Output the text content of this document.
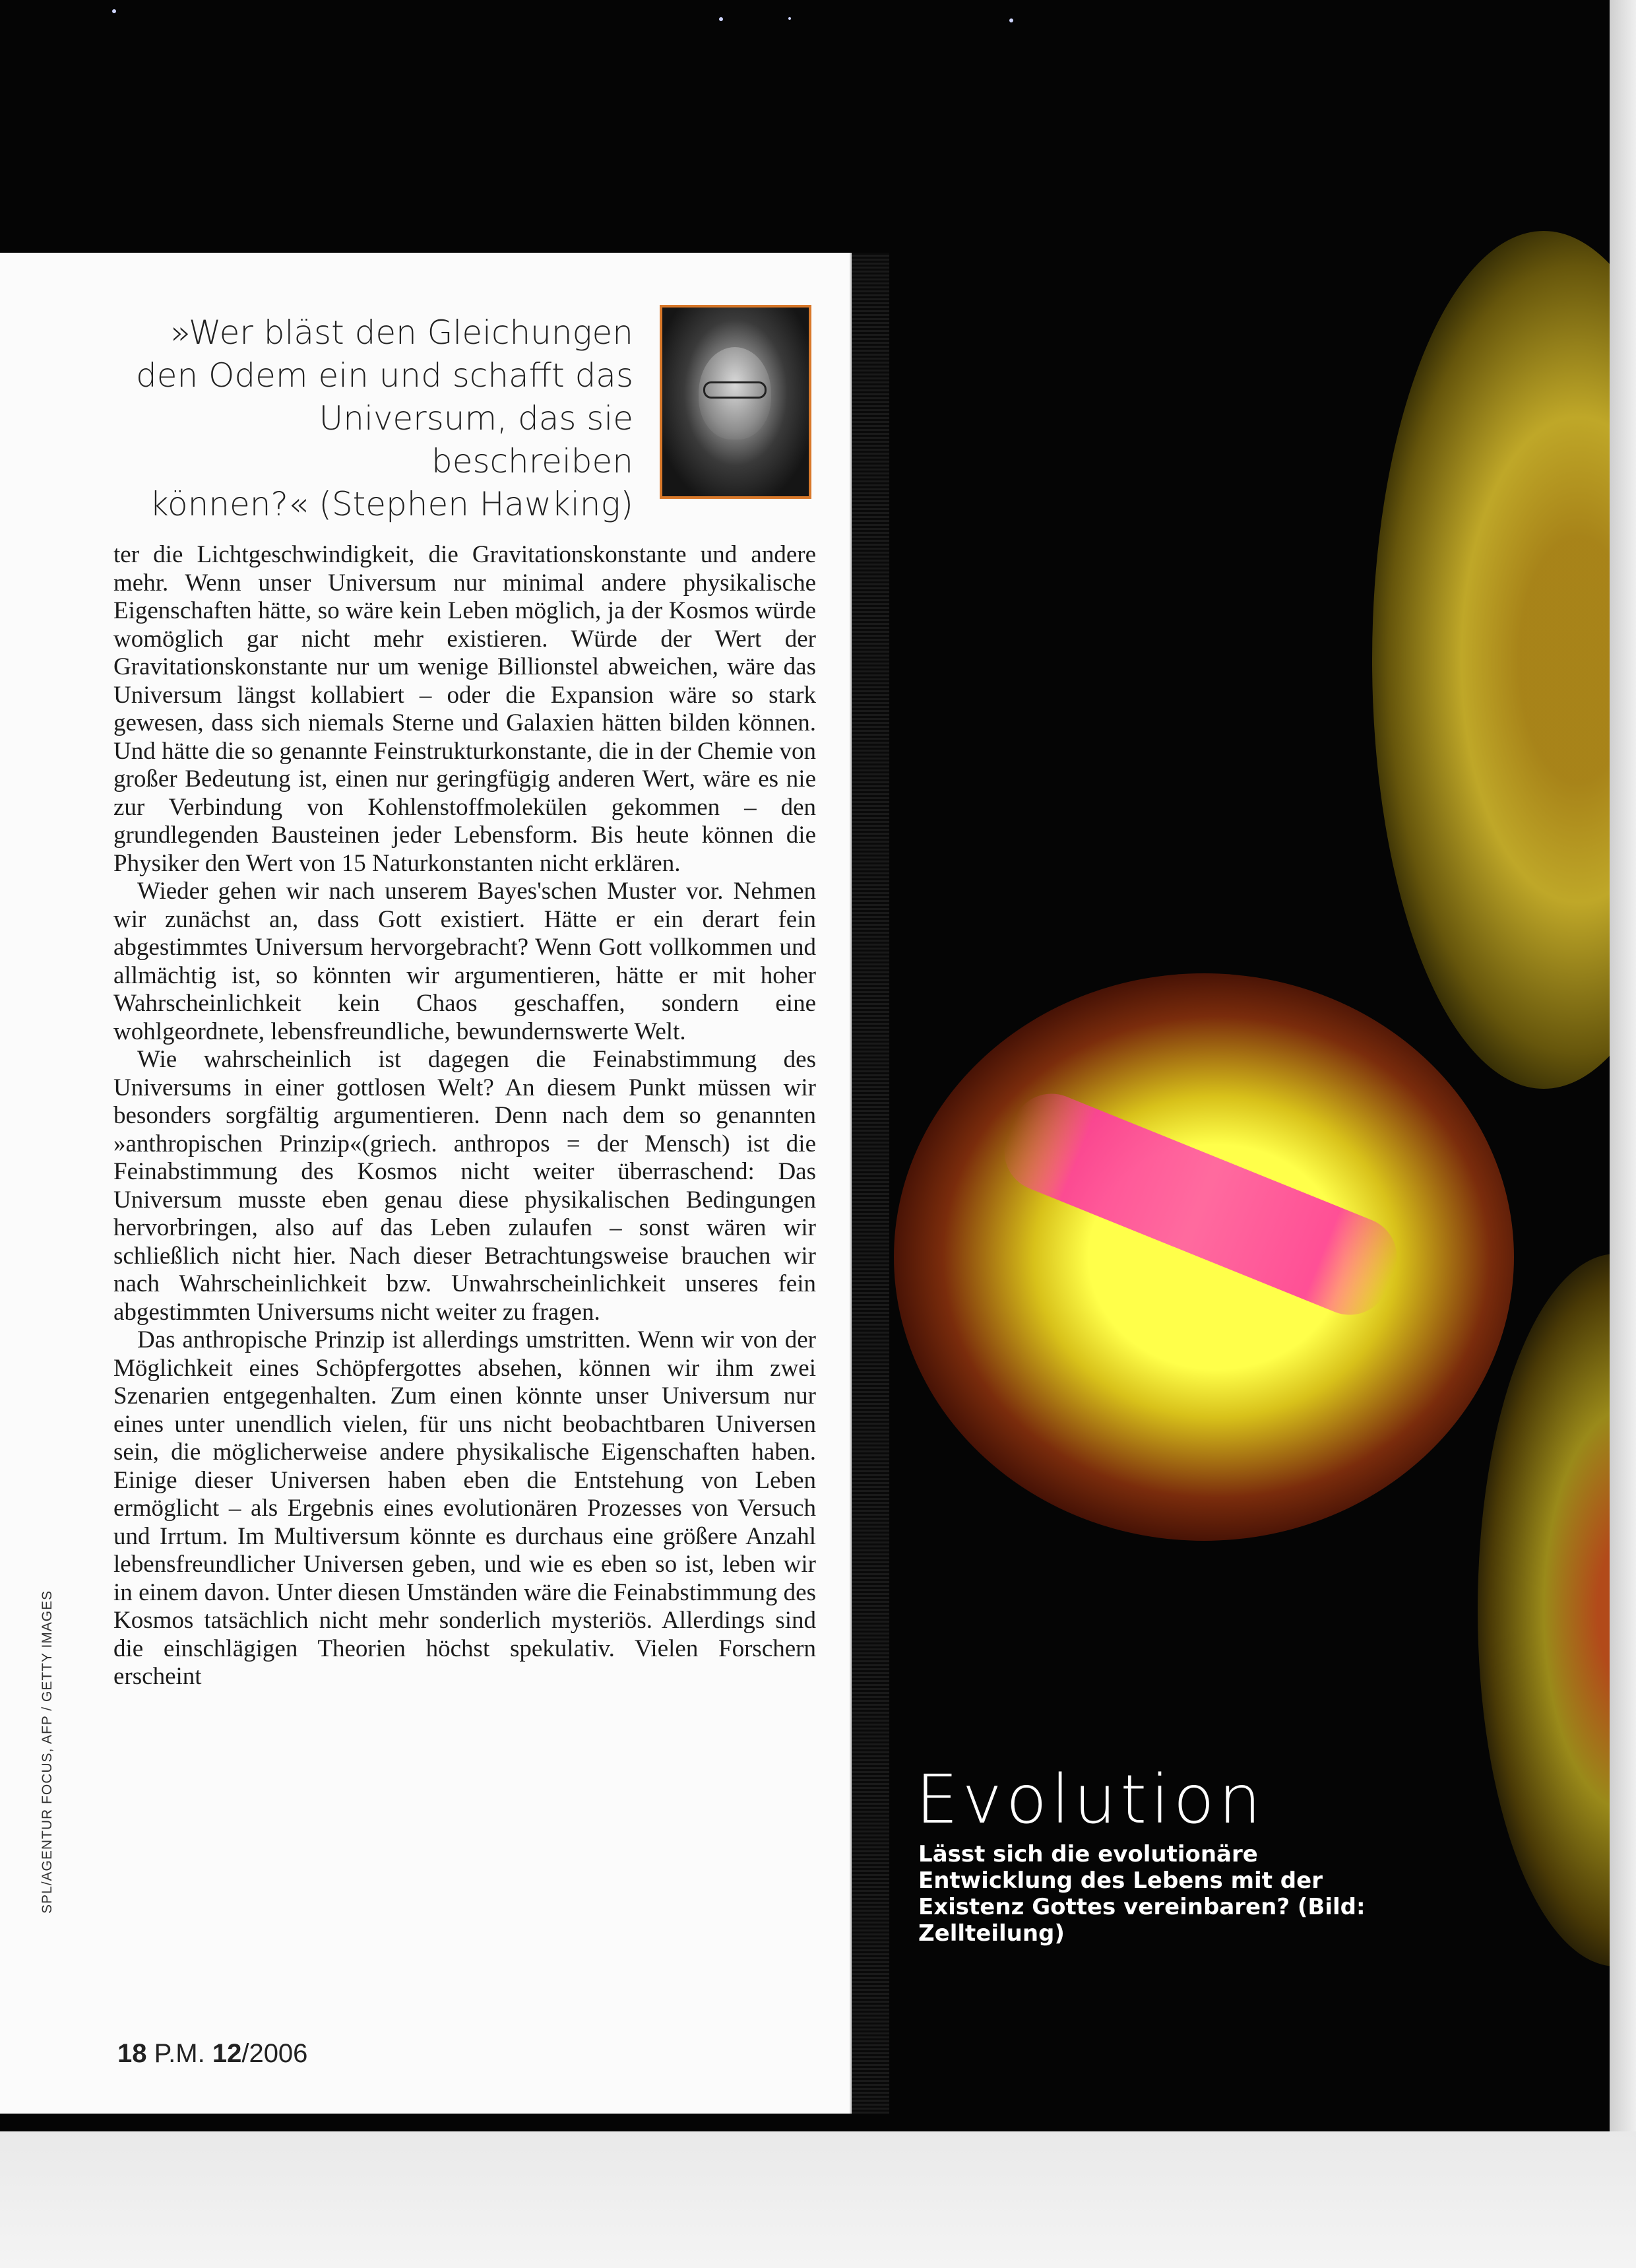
»Wer bläst den Gleichungen
den Odem ein und schafft das
Universum, das sie beschreiben
können?« (Stephen Hawking)

ter die Lichtgeschwindigkeit, die Gravitationskonstante und andere mehr. Wenn unser Universum nur minimal andere physikalische Eigenschaften hätte, so wäre kein Leben möglich, ja der Kosmos würde womöglich gar nicht mehr existieren. Würde der Wert der Gravitationskonstante nur um wenige Billionstel abweichen, wäre das Universum längst kollabiert – oder die Expansion wäre so stark gewesen, dass sich niemals Sterne und Galaxien hätten bilden können. Und hätte die so genannte Feinstrukturkonstante, die in der Chemie von großer Bedeutung ist, einen nur geringfügig anderen Wert, wäre es nie zur Verbindung von Kohlenstoffmolekülen gekommen – den grundlegenden Bausteinen jeder Lebensform. Bis heute können die Physiker den Wert von 15 Naturkonstanten nicht erklären.

Wieder gehen wir nach unserem Bayes'schen Muster vor. Nehmen wir zunächst an, dass Gott existiert. Hätte er ein derart fein abgestimmtes Universum hervorgebracht? Wenn Gott vollkommen und allmächtig ist, so könnten wir argumentieren, hätte er mit hoher Wahrscheinlichkeit kein Chaos geschaffen, sondern eine wohlgeordnete, lebensfreundliche, bewundernswerte Welt.

Wie wahrscheinlich ist dagegen die Feinabstimmung des Universums in einer gottlosen Welt? An diesem Punkt müssen wir besonders sorgfältig argumentieren. Denn nach dem so genannten »anthropischen Prinzip«(griech. anthropos = der Mensch) ist die Feinabstimmung des Kosmos nicht weiter überraschend: Das Universum musste eben genau diese physikalischen Bedingungen hervorbringen, also auf das Leben zulaufen – sonst wären wir schließlich nicht hier. Nach dieser Betrachtungsweise brauchen wir nach Wahrscheinlichkeit bzw. Unwahrscheinlichkeit unseres fein abgestimmten Universums nicht weiter zu fragen.

Das anthropische Prinzip ist allerdings umstritten. Wenn wir von der Möglichkeit eines Schöpfergottes absehen, können wir ihm zwei Szenarien entgegenhalten. Zum einen könnte unser Universum nur eines unter unendlich vielen, für uns nicht beobachtbaren Universen sein, die möglicherweise andere physikalische Eigenschaften haben. Einige dieser Universen haben eben die Entstehung von Leben ermöglicht – als Ergebnis eines evolutionären Prozesses von Versuch und Irrtum. Im Multiversum könnte es durchaus eine größere Anzahl lebensfreundlicher Universen geben, und wie es eben so ist, leben wir in einem davon. Unter diesen Umständen wäre die Feinabstimmung des Kosmos tatsächlich nicht mehr sonderlich mysteriös. Allerdings sind die einschlägigen Theorien höchst spekulativ. Vielen Forschern erscheint

SPL/AGENTUR FOCUS, AFP / GETTY IMAGES
18 P.M. 12/2006
Evolution
Lässt sich die evolutionäre Entwicklung des Lebens mit der Existenz Gottes vereinbaren? (Bild: Zellteilung)
